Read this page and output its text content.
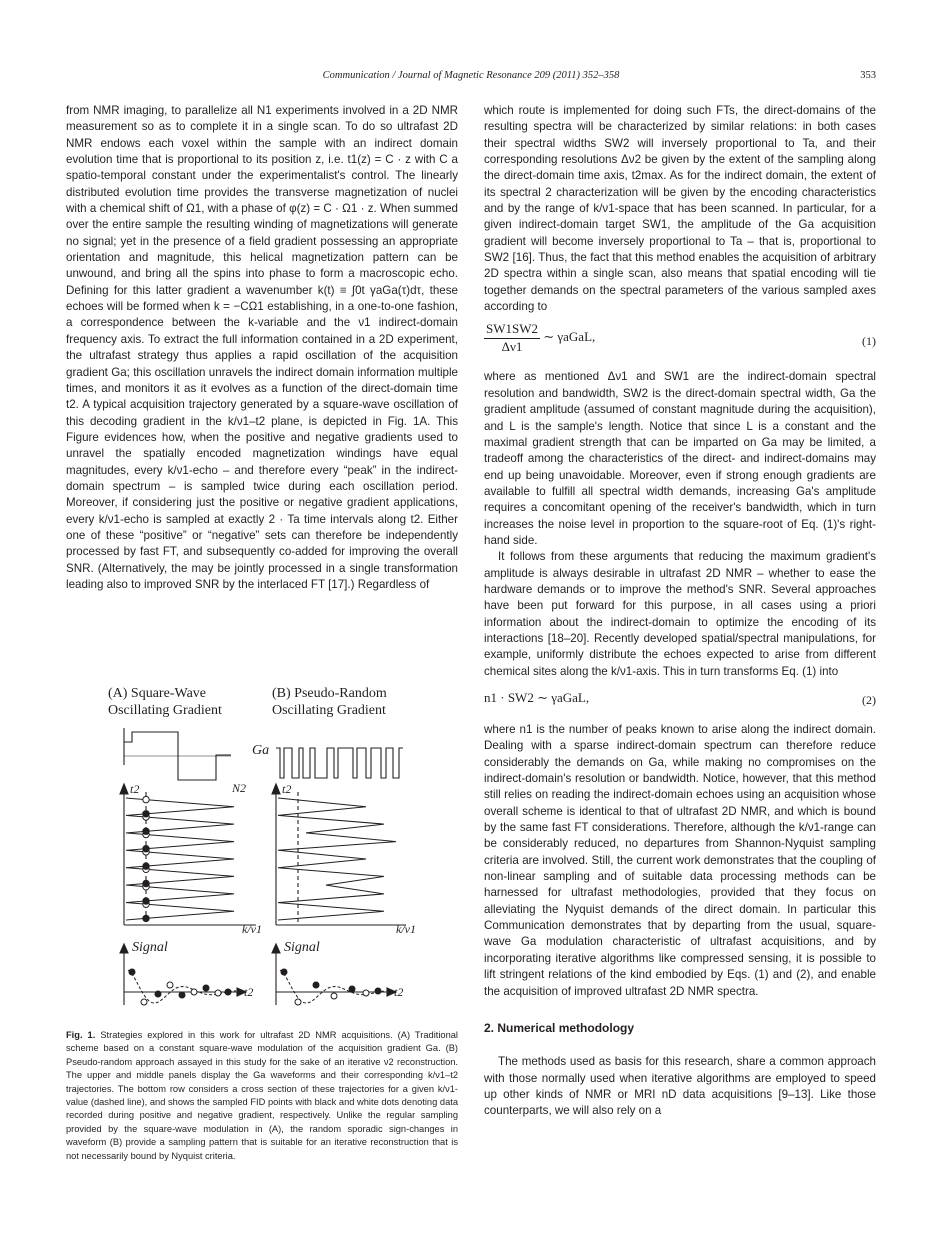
Communication / Journal of Magnetic Resonance 209 (2011) 352–358	353

from NMR imaging, to parallelize all N1 experiments involved in a 2D NMR measurement so as to complete it in a single scan. To do so ultrafast 2D NMR endows each voxel within the sample with an indirect domain evolution time that is proportional to its position z, i.e. t1(z) = C · z with C a spatio-temporal constant under the experimentalist's control. The linearly distributed evolution time provides the transverse magnetization of nuclei with a chemical shift of Ω1, with a phase of φ(z) = C · Ω1 · z. When summed over the entire sample the resulting winding of magnetizations will generate no signal; yet in the presence of a field gradient possessing an appropriate orientation and magnitude, this helical magnetization pattern can be unwound, and bring all the spins into phase to form a macroscopic echo. Defining for this latter gradient a wavenumber k(t) ≡ ∫0t γaGa(τ)dτ, these echoes will be formed when k = −CΩ1 establishing, in a one-to-one fashion, a correspondence between the k-variable and the ν1 indirect-domain frequency axis. To extract the full information contained in a 2D experiment, the ultrafast strategy thus applies a rapid oscillation of the acquisition gradient Ga; this oscillation unravels the indirect domain information multiple times, and monitors it as it evolves as a function of the direct-domain time t2. A typical acquisition trajectory generated by a square-wave oscillation of this decoding gradient in the k/ν1–t2 plane, is depicted in Fig. 1A. This Figure evidences how, when the positive and negative gradients used to unravel the spatially encoded magnetization windings have equal magnitudes, every k/ν1-echo – and therefore every “peak” in the indirect-domain spectrum – is sampled twice during each oscillation period. Moreover, if considering just the positive or negative gradient applications, every k/ν1-echo is sampled at exactly 2 · Ta time intervals along t2. Either one of these “positive” or “negative” sets can therefore be independently processed by fast FT, and subsequently co-added for improving the overall SNR. (Alternatively, the may be jointly processed in a single transformation leading also to improved SNR by the interlaced FT [17].) Regardless of

(A) Square-Wave
Oscillating Gradient
(B) Pseudo-Random
Oscillating Gradient
Ga
N2
t2	t2
k/ν1	k/ν1
Signal	Signal
t2	t2
Fig. 1. Strategies explored in this work for ultrafast 2D NMR acquisitions. (A) Traditional scheme based on a constant square-wave modulation of the acquisition gradient Ga. (B) Pseudo-random approach assayed in this study for the sake of an iterative ν2 reconstruction. The upper and middle panels display the Ga waveforms and their corresponding k/ν1–t2 trajectories. The bottom row considers a cross section of these trajectories for a given k/ν1-value (dashed line), and shows the sampled FID points with black and white dots denoting data recorded during positive and negative gradient, respectively. Unlike the regular sampling provided by the square-wave modulation in (A), the random sporadic sign-changes in waveform (B) provide a sampling pattern that is suitable for an iterative reconstruction that is not necessarily bound by Nyquist criteria.

which route is implemented for doing such FTs, the direct-domains of the resulting spectra will be characterized by similar relations: in both cases their spectral widths SW2 will inversely proportional to Ta, and their corresponding resolutions Δν2 be given by the extent of the sampling along the direct-domain time axis, t2max. As for the indirect domain, the extent of its spectral 2 characterization will be given by the encoding characteristics and by the range of k/ν1-space that has been scanned. In particular, for a given indirect-domain target SW1, the amplitude of the Ga acquisition gradient will become inversely proportional to Ta – that is, proportional to SW2 [16]. Thus, the fact that this method enables the acquisition of arbitrary 2D spectra within a single scan, also means that spatial encoding will tie together demands on the spectral parameters of the various sampled axes according to

$\frac{SW1SW2}{\Delta\nu 1}$ ∼ γaGaL,	(1)

where as mentioned Δν1 and SW1 are the indirect-domain spectral resolution and bandwidth, SW2 is the direct-domain spectral width, Ga the gradient amplitude (assumed of constant magnitude during the acquisition), and L is the sample's length. Notice that since L is a constant and the maximal gradient strength that can be imparted on Ga may be limited, a tradeoff among the characteristics of the direct- and indirect-domains may end up being unavoidable. Moreover, even if strong enough gradients are available to fulfill all spectral width demands, increasing Ga's amplitude requires a concomitant opening of the receiver's bandwidth, which in turn increases the noise level in proportion to the square-root of Eq. (1)'s right-hand side.

It follows from these arguments that reducing the maximum gradient's amplitude is always desirable in ultrafast 2D NMR – whether to ease the hardware demands or to improve the method's SNR. Several approaches have been put forward for this purpose, in all cases using a priori information about the indirect-domain to optimize the encoding of its interactions [18–20]. Recently developed spatial/spectral manipulations, for example, uniformly distribute the echoes expected to arise from different chemical sites along the k/ν1-axis. This in turn transforms Eq. (1) into

n1 · SW2 ∼ γaGaL,	(2)

where n1 is the number of peaks known to arise along the indirect domain. Dealing with a sparse indirect-domain spectrum can therefore reduce considerably the demands on Ga, while making no compromises on the indirect-domain's resolution or bandwidth. Notice, however, that this method still relies on reading the indirect-domain echoes using an acquisition whose overall scheme is identical to that of ultrafast 2D NMR, and which is bound by the same fast FT considerations. Therefore, although the k/ν1-range can be considerably reduced, no departures from Shannon-Nyquist sampling criteria are involved. Still, the current work demonstrates that the coupling of non-linear sampling and of suitable data processing methods can be harnessed for ultrafast methodologies, provided that they focus on alleviating the Nyquist demands of the direct domain. In particular this Communication demonstrates that by departing from the usual, square-wave Ga modulation characteristic of ultrafast acquisitions, and by incorporating iterative algorithms like compressed sensing, it is possible to lift stringent relations of the kind embodied by Eqs. (1) and (2), and enable the acquisition of improved ultrafast 2D NMR spectra.

2. Numerical methodology

The methods used as basis for this research, share a common approach with those normally used when iterative algorithms are employed to speed up other kinds of NMR or MRI nD data acquisitions [9–13]. Like those counterparts, we will also rely on a
